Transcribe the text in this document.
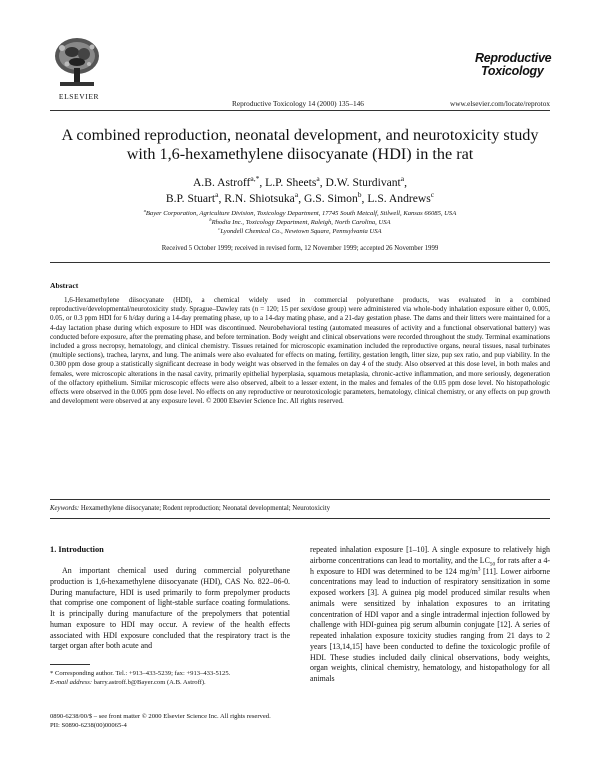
ELSEVIER
Reproductive Toxicology 14 (2000) 135–146	www.elsevier.com/locate/reprotox
Reproductive
Toxicology
A combined reproduction, neonatal development, and neurotoxicity study with 1,6-hexamethylene diisocyanate (HDI) in the rat
A.B. Astroff$^{a,*}$, L.P. Sheets$^a$, D.W. Sturdivant$^a$,
B.P. Stuart$^a$, R.N. Shiotsuka$^a$, G.S. Simon$^b$, L.S. Andrews$^c$
$^a$Bayer Corporation, Agriculture Division, Toxicology Department, 17745 South Metcalf, Stilwell, Kansas 66085, USA
$^b$Rhodia Inc., Toxicology Department, Raleigh, North Carolina, USA
$^c$Lyondell Chemical Co., Newtown Square, Pennsylvania USA
Received 5 October 1999; received in revised form, 12 November 1999; accepted 26 November 1999
Abstract
1,6-Hexamethylene diisocyanate (HDI), a chemical widely used in commercial polyurethane products, was evaluated in a combined reproductive/developmental/neurotoxicity study. Sprague–Dawley rats (n = 120; 15 per sex/dose group) were administered via whole-body inhalation exposure either 0, 0.005, 0.05, or 0.3 ppm HDI for 6 h/day during a 14-day premating phase, up to a 14-day mating phase, and a 21-day gestation phase. The dams and their litters were maintained for a 4-day lactation phase during which exposure to HDI was discontinued. Neurobehavioral testing (automated measures of activity and a functional observational battery) was conducted before exposure, after the premating phase, and before termination. Body weight and clinical observations were recorded throughout the study. Terminal examinations included a gross necropsy, hematology, and clinical chemistry. Tissues retained for microscopic examination included the reproductive organs, neural tissues, nasal turbinates (multiple sections), trachea, larynx, and lung. The animals were also evaluated for effects on mating, fertility, gestation length, litter size, pup sex ratio, and pup viability. In the 0.300 ppm dose group a statistically significant decrease in body weight was observed in the females on day 4 of the study. Also observed at this dose level, in both males and females, were microscopic alterations in the nasal cavity, primarily epithelial hyperplasia, squamous metaplasia, chronic-active inflammation, and more seriously, degeneration of the olfactory epithelium. Similar microscopic effects were also observed, albeit to a lesser extent, in the males and females of the 0.05 ppm dose level. No histopathologic effects were observed in the 0.005 ppm dose level. No effects on any reproductive or neurotoxicologic parameters, hematology, clinical chemistry, or any effects on pup growth and development were observed at any exposure level. © 2000 Elsevier Science Inc. All rights reserved.
Keywords: Hexamethylene diisocyanate; Rodent reproduction; Neonatal developmental; Neurotoxicity
1. Introduction
An important chemical used during commercial polyurethane production is 1,6-hexamethylene diisocyanate (HDI), CAS No. 822–06-0. During manufacture, HDI is used primarily to form prepolymer products that comprise one component of light-stable surface coating formulations. It is principally during manufacture of the prepolymers that potential human exposure to HDI may occur. A review of the health effects associated with HDI exposure concluded that the respiratory tract is the target organ after both acute and
repeated inhalation exposure [1–10]. A single exposure to relatively high airborne concentrations can lead to mortality, and the $LC_{50}$ for rats after a 4-h exposure to HDI was determined to be 124 $mg/m^3$ [11]. Lower airborne concentrations may lead to induction of respiratory sensitization in some exposed workers [3]. A guinea pig model produced similar results when animals were sensitized by inhalation exposures to an irritating concentration of HDI vapor and a single intradermal injection followed by challenge with HDI-guinea pig serum albumin conjugate [12]. A series of repeated inhalation exposure toxicity studies ranging from 21 days to 2 years [13,14,15] have been conducted to define the toxicologic profile of HDI. These studies included daily clinical observations, body weights, organ weights, clinical chemistry, hematology, and histopathology for all animals
* Corresponding author. Tel.: +913–433-5239; fax: +913–433-5125.
E-mail address: barry.astroff.b@Bayer.com (A.B. Astroff).
0890-6238/00/$ – see front matter © 2000 Elsevier Science Inc. All rights reserved.
PII: S0890-6238(00)00065-4
